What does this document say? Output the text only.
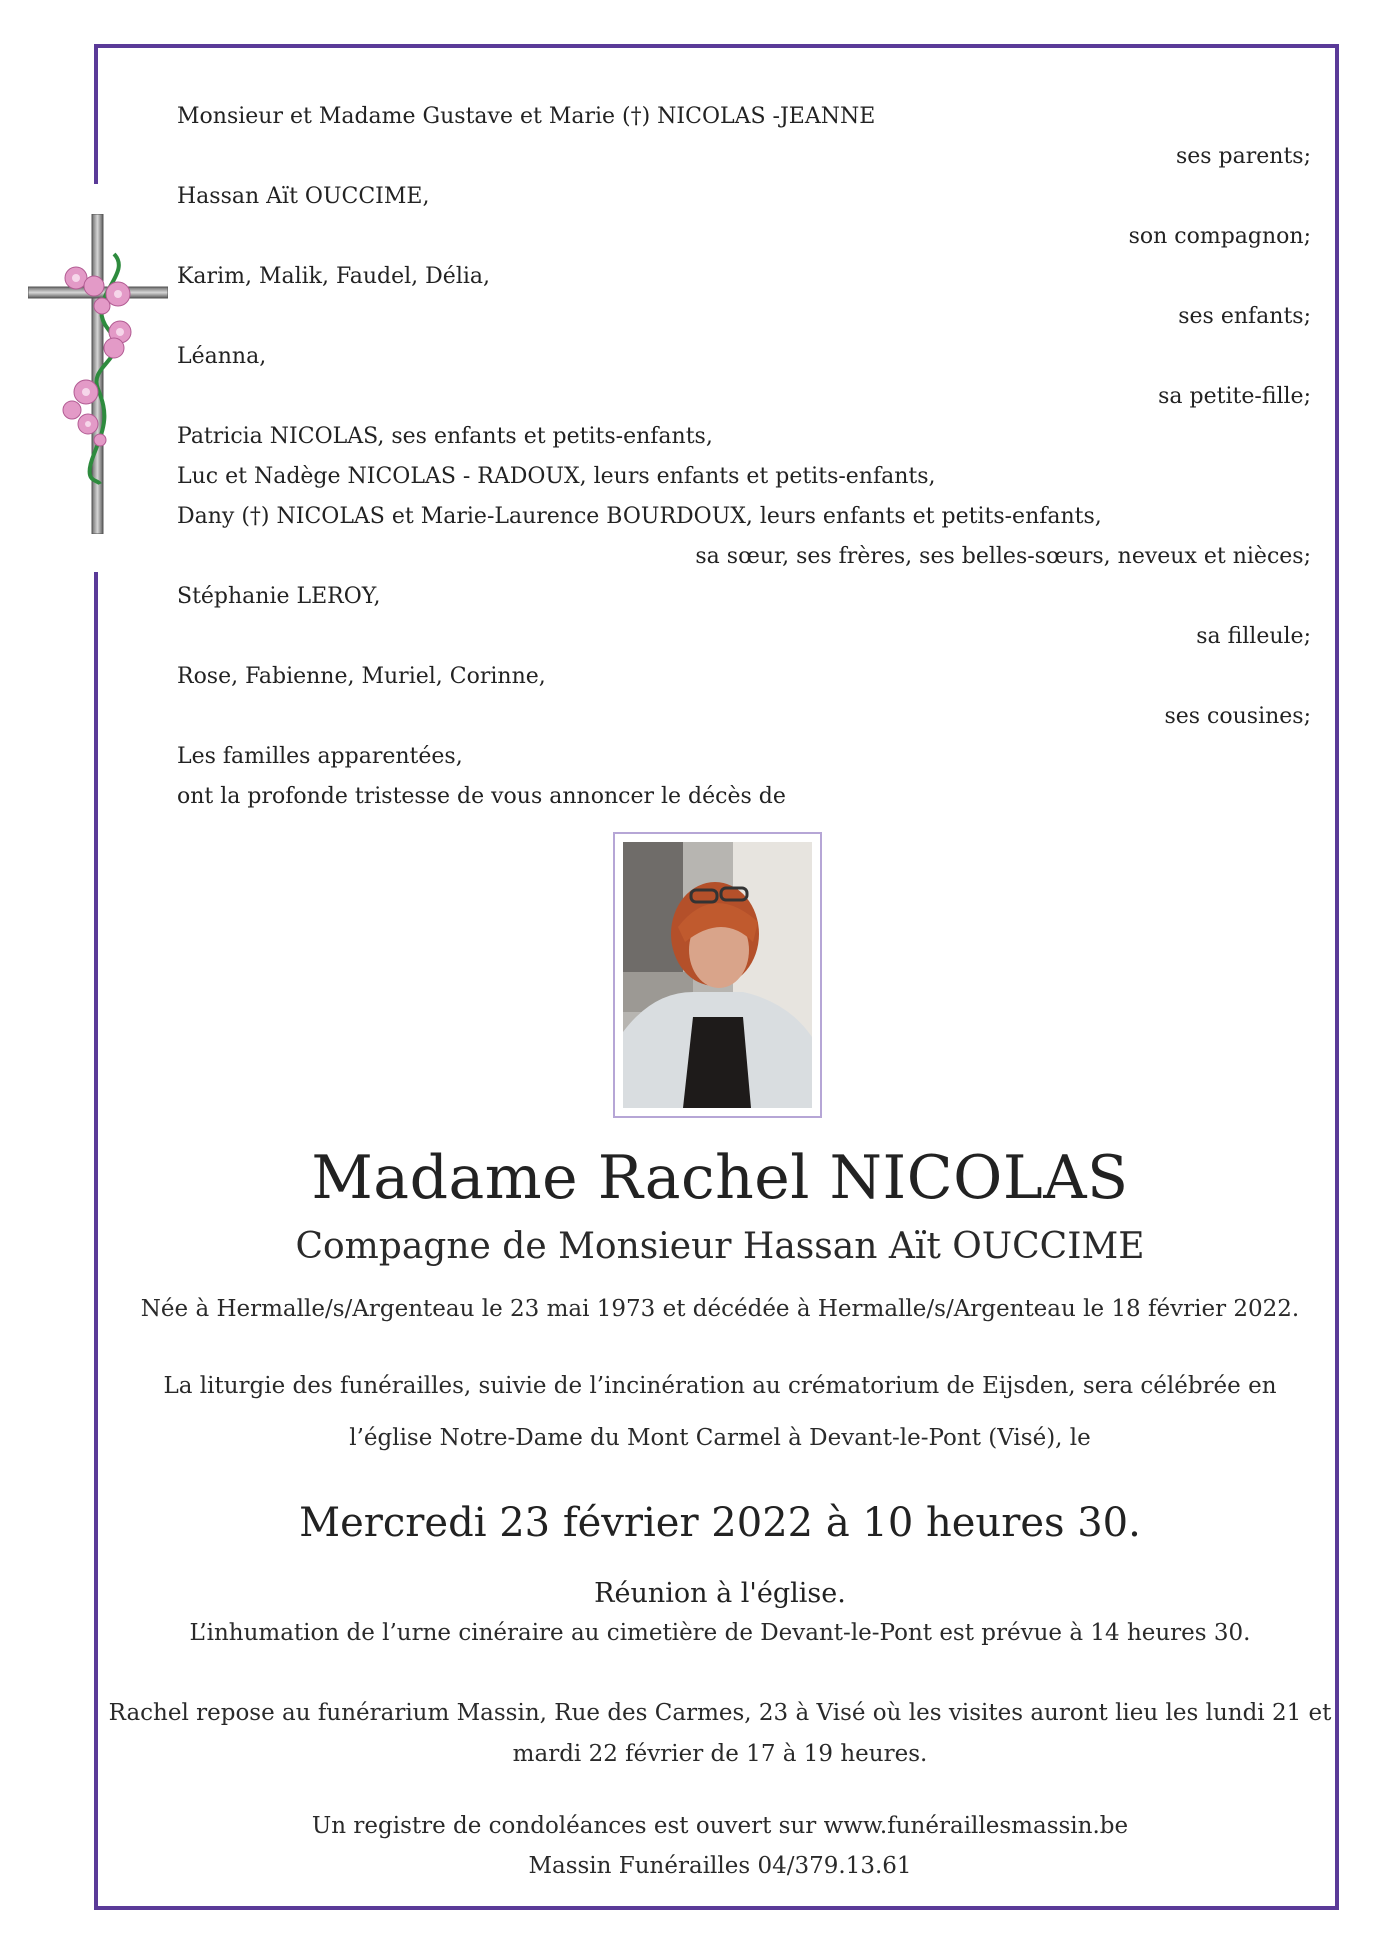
Monsieur et Madame Gustave et Marie (†) NICOLAS -JEANNE
ses parents;
Hassan Aït OUCCIME,
son compagnon;
Karim, Malik, Faudel, Délia,
ses enfants;
Léanna,
sa petite-fille;
Patricia NICOLAS, ses enfants et petits-enfants,
Luc et Nadège NICOLAS - RADOUX, leurs enfants et petits-enfants,
Dany (†) NICOLAS et Marie-Laurence BOURDOUX, leurs enfants et petits-enfants,
sa sœur, ses frères, ses belles-sœurs, neveux et nièces;
Stéphanie LEROY,
sa filleule;
Rose, Fabienne, Muriel, Corinne,
ses cousines;
Les familles apparentées,
ont la profonde tristesse de vous annoncer le décès de
Madame Rachel NICOLAS
Compagne de Monsieur Hassan Aït OUCCIME
Née à Hermalle/s/Argenteau le 23 mai 1973 et décédée à Hermalle/s/Argenteau le 18 février 2022.
La liturgie des funérailles, suivie de l’incinération au crématorium de Eijsden, sera célébrée en
l’église Notre-Dame du Mont Carmel à Devant-le-Pont (Visé), le
Mercredi 23 février 2022 à 10 heures 30.
Réunion à l'église.
L’inhumation de l’urne cinéraire au cimetière de Devant-le-Pont est prévue à 14 heures 30.
Rachel repose au funérarium Massin, Rue des Carmes, 23 à Visé où les visites auront lieu les lundi 21 et
mardi 22 février de 17 à 19 heures.
Un registre de condoléances est ouvert sur www.funéraillesmassin.be
Massin Funérailles 04/379.13.61
